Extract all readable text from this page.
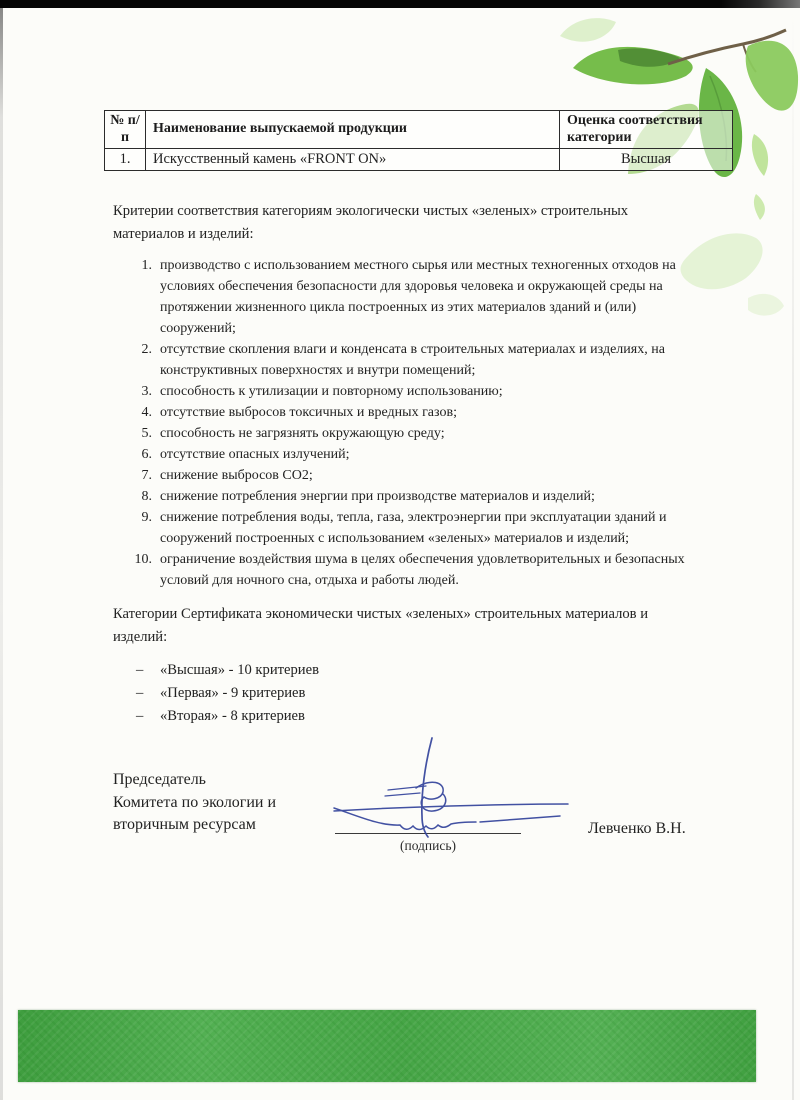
№ п/п	Наименование выпускаемой продукции	Оценка соответствия категории
1.	Искусственный камень «FRONT ON»	Высшая

Критерии соответствия категориям экологически чистых «зеленых» строительных материалов и изделий:

производство с использованием местного сырья или местных техногенных отходов на условиях обеспечения безопасности для здоровья человека и окружающей среды на протяжении жизненного цикла построенных из этих материалов зданий и (или) сооружений;
отсутствие скопления влаги и конденсата в строительных материалах и изделиях, на конструктивных поверхностях и внутри помещений;
способность к утилизации и повторному использованию;
отсутствие выбросов токсичных и вредных газов;
способность не загрязнять окружающую среду;
отсутствие опасных излучений;
снижение выбросов СО2;
снижение потребления энергии при производстве материалов и изделий;
снижение потребления воды, тепла, газа, электроэнергии при эксплуатации зданий и сооружений построенных с использованием «зеленых» материалов и изделий;
ограничение воздействия шума в целях обеспечения удовлетворительных и безопасных условий для ночного сна, отдыха и работы людей.

Категории Сертификата экономически чистых «зеленых» строительных материалов и изделий:

– «Высшая» - 10 критериев
– «Первая» - 9 критериев
– «Вторая» - 8 критериев
Председатель
Комитета по экологии и
вторичным ресурсам
(подпись)
Левченко В.Н.
